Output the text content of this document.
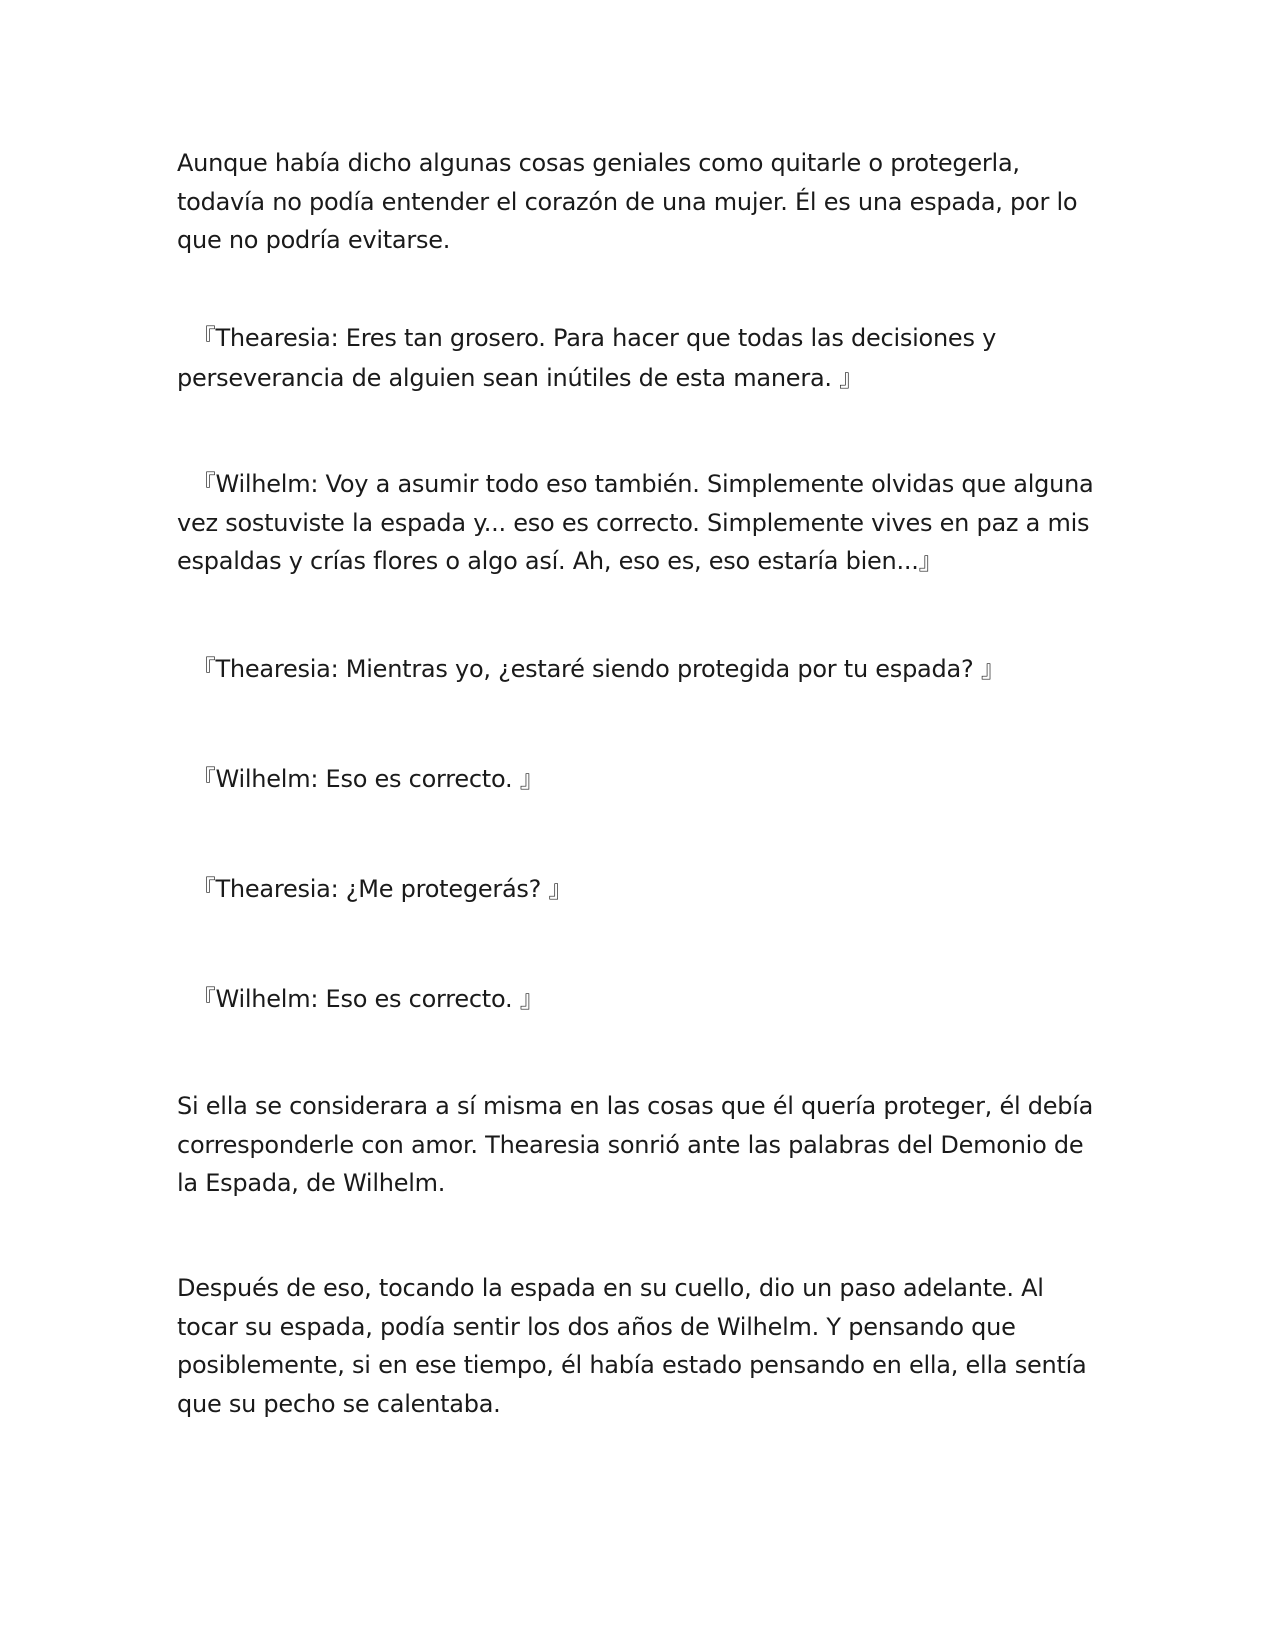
Aunque había dicho algunas cosas geniales como quitarle o protegerla, todavía no podía entender el corazón de una mujer. Él es una espada, por lo que no podría evitarse.

『Thearesia: Eres tan grosero. Para hacer que todas las decisiones y perseverancia de alguien sean inútiles de esta manera. 』

『Wilhelm: Voy a asumir todo eso también. Simplemente olvidas que alguna vez sostuviste la espada y... eso es correcto. Simplemente vives en paz a mis espaldas y crías flores o algo así. Ah, eso es, eso estaría bien...』

『Thearesia: Mientras yo, ¿estaré siendo protegida por tu espada? 』

『Wilhelm: Eso es correcto. 』

『Thearesia: ¿Me protegerás? 』

『Wilhelm: Eso es correcto. 』

Si ella se considerara a sí misma en las cosas que él quería proteger, él debía corresponderle con amor. Thearesia sonrió ante las palabras del Demonio de la Espada, de Wilhelm.

Después de eso, tocando la espada en su cuello, dio un paso adelante. Al tocar su espada, podía sentir los dos años de Wilhelm. Y pensando que posiblemente, si en ese tiempo, él había estado pensando en ella, ella sentía que su pecho se calentaba.
